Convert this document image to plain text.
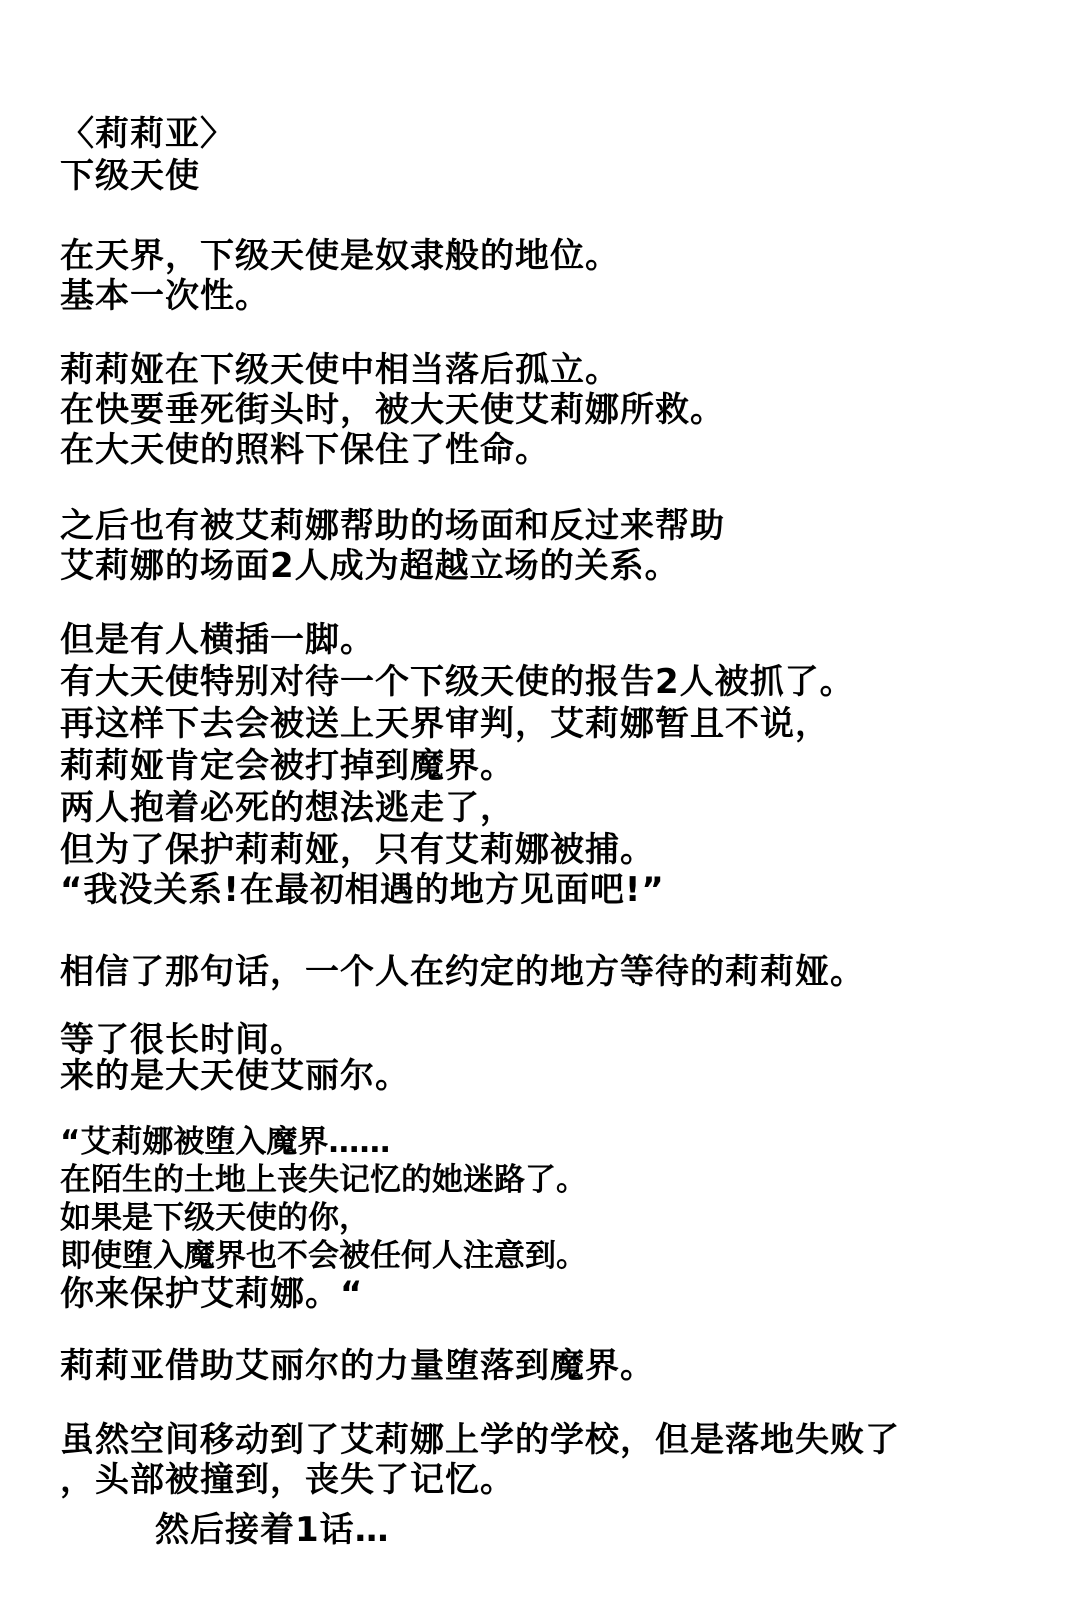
〈莉莉亚〉
下级天使
在天界，下级天使是奴隶般的地位。
基本一次性。
莉莉娅在下级天使中相当落后孤立。
在快要垂死街头时，被大天使艾莉娜所救。
在大天使的照料下保住了性命。
之后也有被艾莉娜帮助的场面和反过来帮助
艾莉娜的场面2人成为超越立场的关系。
但是有人横插一脚。
有大天使特别对待一个下级天使的报告2人被抓了。
再这样下去会被送上天界审判，艾莉娜暂且不说，
莉莉娅肯定会被打掉到魔界。
两人抱着必死的想法逃走了，
但为了保护莉莉娅，只有艾莉娜被捕。
“我没关系!在最初相遇的地方见面吧!”
相信了那句话，一个人在约定的地方等待的莉莉娅。
等了很长时间。
来的是大天使艾丽尔。
“艾莉娜被堕入魔界……
在陌生的土地上丧失记忆的她迷路了。
如果是下级天使的你，
即使堕入魔界也不会被任何人注意到。
你来保护艾莉娜。“
莉莉亚借助艾丽尔的力量堕落到魔界。
虽然空间移动到了艾莉娜上学的学校，但是落地失败了
，头部被撞到，丧失了记忆。
然后接着1话…
